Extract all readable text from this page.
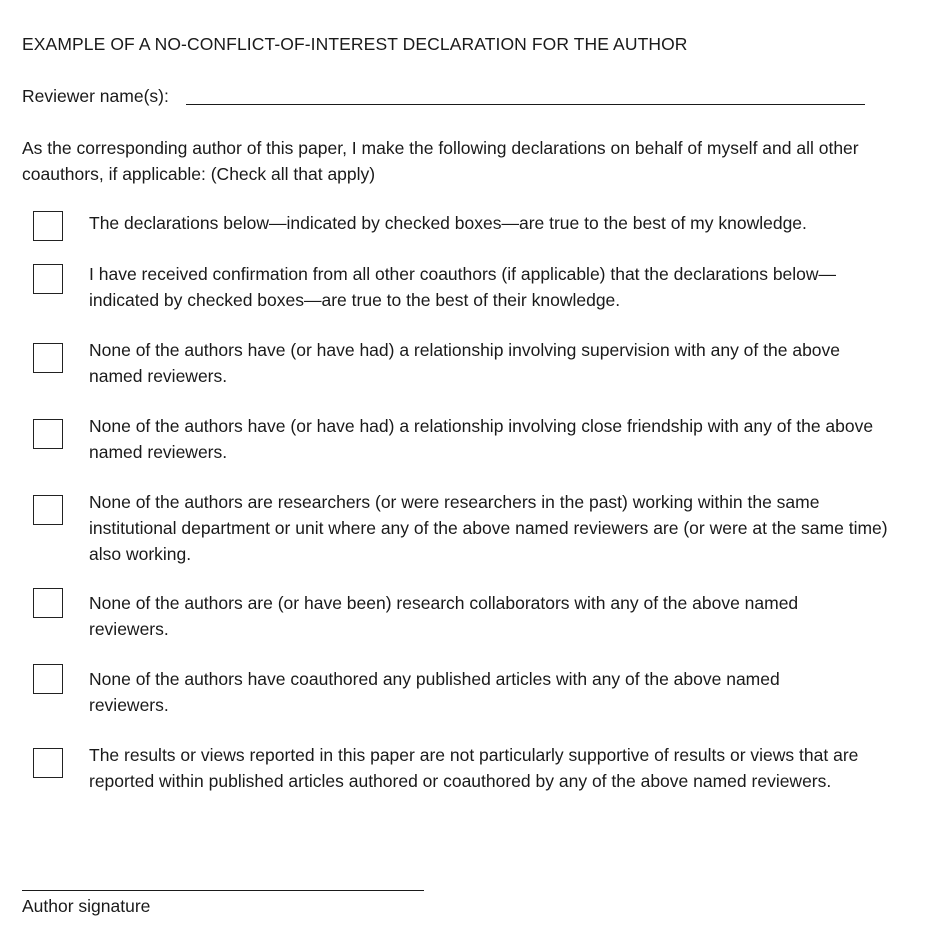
EXAMPLE OF A NO-CONFLICT-OF-INTEREST DECLARATION FOR THE AUTHOR
Reviewer name(s):
As the corresponding author of this paper, I make the following declarations on behalf of myself and all other coauthors, if applicable: (Check all that apply)
The declarations below—indicated by checked boxes—are true to the best of my knowledge.
I have received confirmation from all other coauthors (if applicable) that the declarations below—indicated by checked boxes—are true to the best of their knowledge.
None of the authors have (or have had) a relationship involving supervision with any of the above named reviewers.
None of the authors have (or have had) a relationship involving close friendship with any of the above named reviewers.
None of the authors are researchers (or were researchers in the past) working within the same institutional department or unit where any of the above named reviewers are (or were at the same time) also working.
None of the authors are (or have been) research collaborators with any of the above named reviewers.
None of the authors have coauthored any published articles with any of the above named reviewers.
The results or views reported in this paper are not particularly supportive of results or views that are reported within published articles authored or coauthored by any of the above named reviewers.
Author signature
